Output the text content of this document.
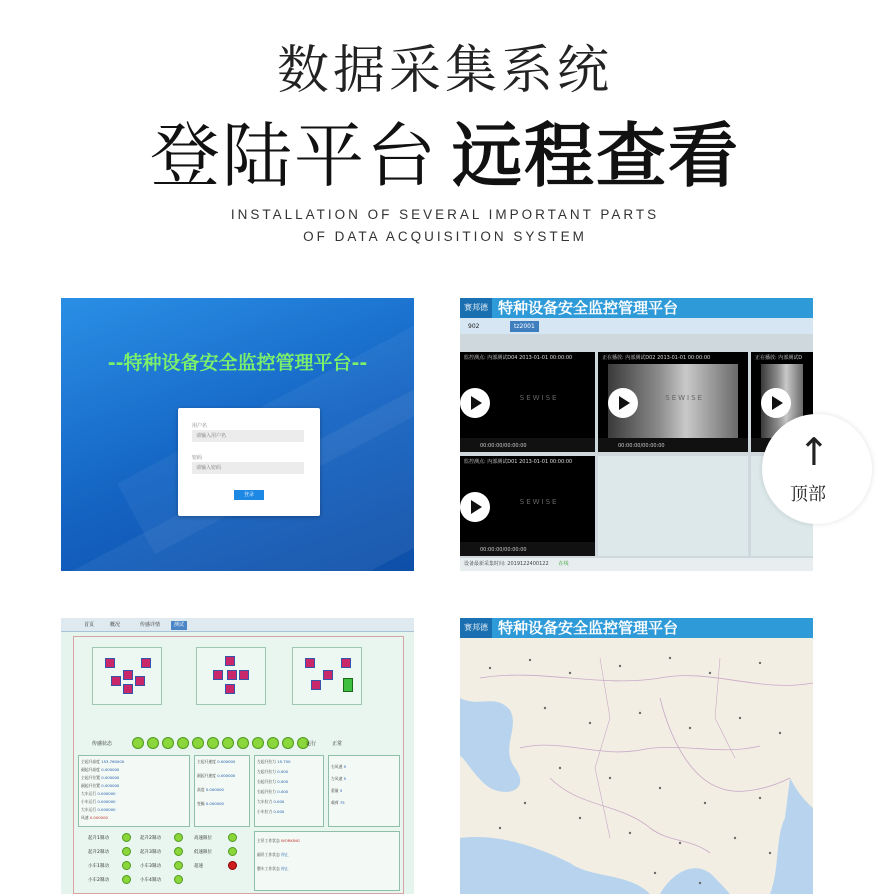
数据采集系统
登陆平台 远程查看
INSTALLATION OF SEVERAL IMPORTANT PARTS
OF DATA ACQUISITION SYSTEM
--特种设备安全监控管理平台--
用户名
请输入用户名
密码
请输入密码
登录
赛邦德 特种设备安全监控管理平台
902	tz2001
监控测点: 内部测试D04 2013-01-01 00:00:00
SEWISE
00:00:00/00:00:00
正在播放: 内部测试D02 2013-01-01 00:00:00
SEWISE
00:00:00/00:00:00
正在播放: 内部测试D
监控测点: 内部测试D01 2013-01-01 00:00:00
SEWISE
00:00:00/00:00:00
设备最新采集时间: 2019122400122 在线
↑
顶部
首页	概况	传感详情	测试
传感状态	运行	正常
主起升高度 153.760000
副起升高度 0.000000
主起升位置 0.000000
副起升位置 0.000000
大车运行 0.000000
小车运行 0.000000
大车运行 0.000000
风速 0.000000
主起升速度 0.000000
副起升速度 0.000000
高度 0.000000
变幅 0.000000
左起升拉力 15.750
左起升拉力 0.000
右起升拉力 0.000
右起升拉力 0.000
大车拉力 0.000
小车拉力 0.000
右风速 5
左风速 5
重量 5
载荷 75
起升1制动
起升2制动
小车1制动
小车2制动
起升2制动
起升3制动
小车3制动
小车4制动
高速限位
低速限位
超速
主吊工作状态 WORKING
副吊工作状态 停止
整车工作状态 停止
赛邦德 特种设备安全监控管理平台
